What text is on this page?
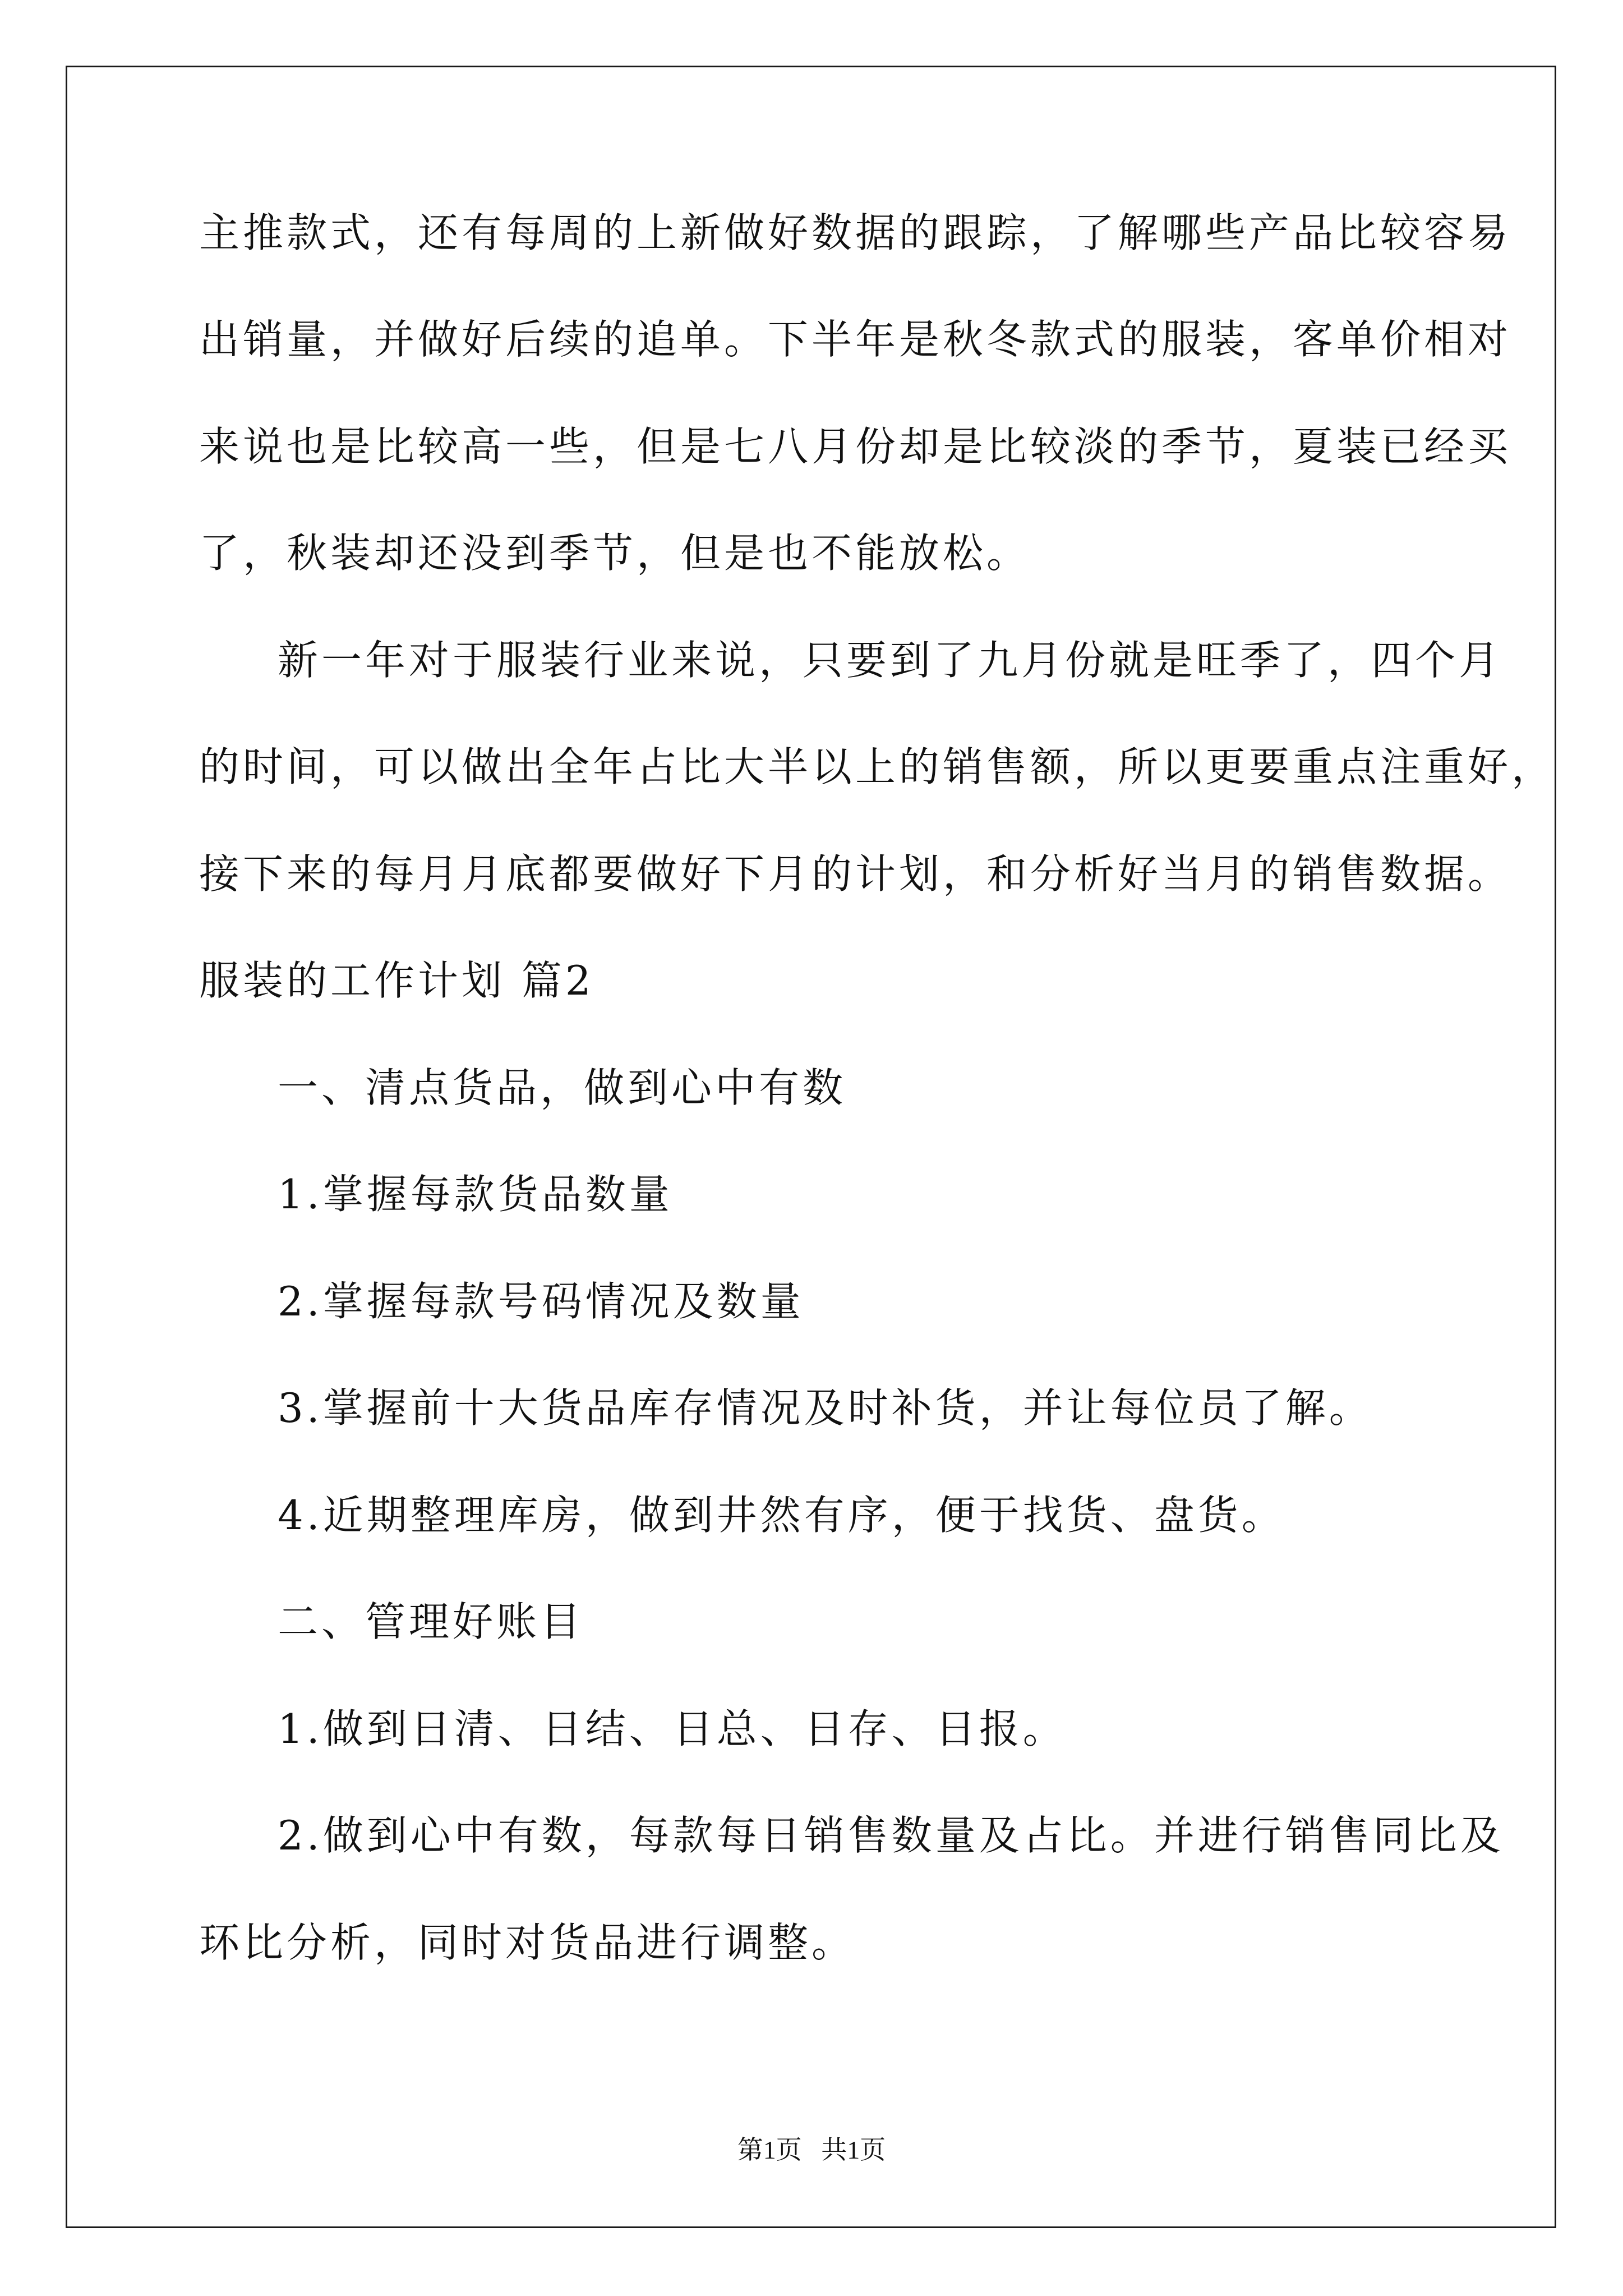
主推款式，还有每周的上新做好数据的跟踪，了解哪些产品比较容易
出销量，并做好后续的追单。下半年是秋冬款式的服装，客单价相对
来说也是比较高一些，但是七八月份却是比较淡的季节，夏装已经买
了，秋装却还没到季节，但是也不能放松。
新一年对于服装行业来说，只要到了九月份就是旺季了，四个月
的时间，可以做出全年占比大半以上的销售额，所以更要重点注重好，
接下来的每月月底都要做好下月的计划，和分析好当月的销售数据。
服装的工作计划 篇2
一、清点货品，做到心中有数
1.掌握每款货品数量
2.掌握每款号码情况及数量
3.掌握前十大货品库存情况及时补货，并让每位员了解。
4.近期整理库房，做到井然有序，便于找货、盘货。
二、管理好账目
1.做到日清、日结、日总、日存、日报。
2.做到心中有数，每款每日销售数量及占比。并进行销售同比及
环比分析，同时对货品进行调整。
第1页   共1页
